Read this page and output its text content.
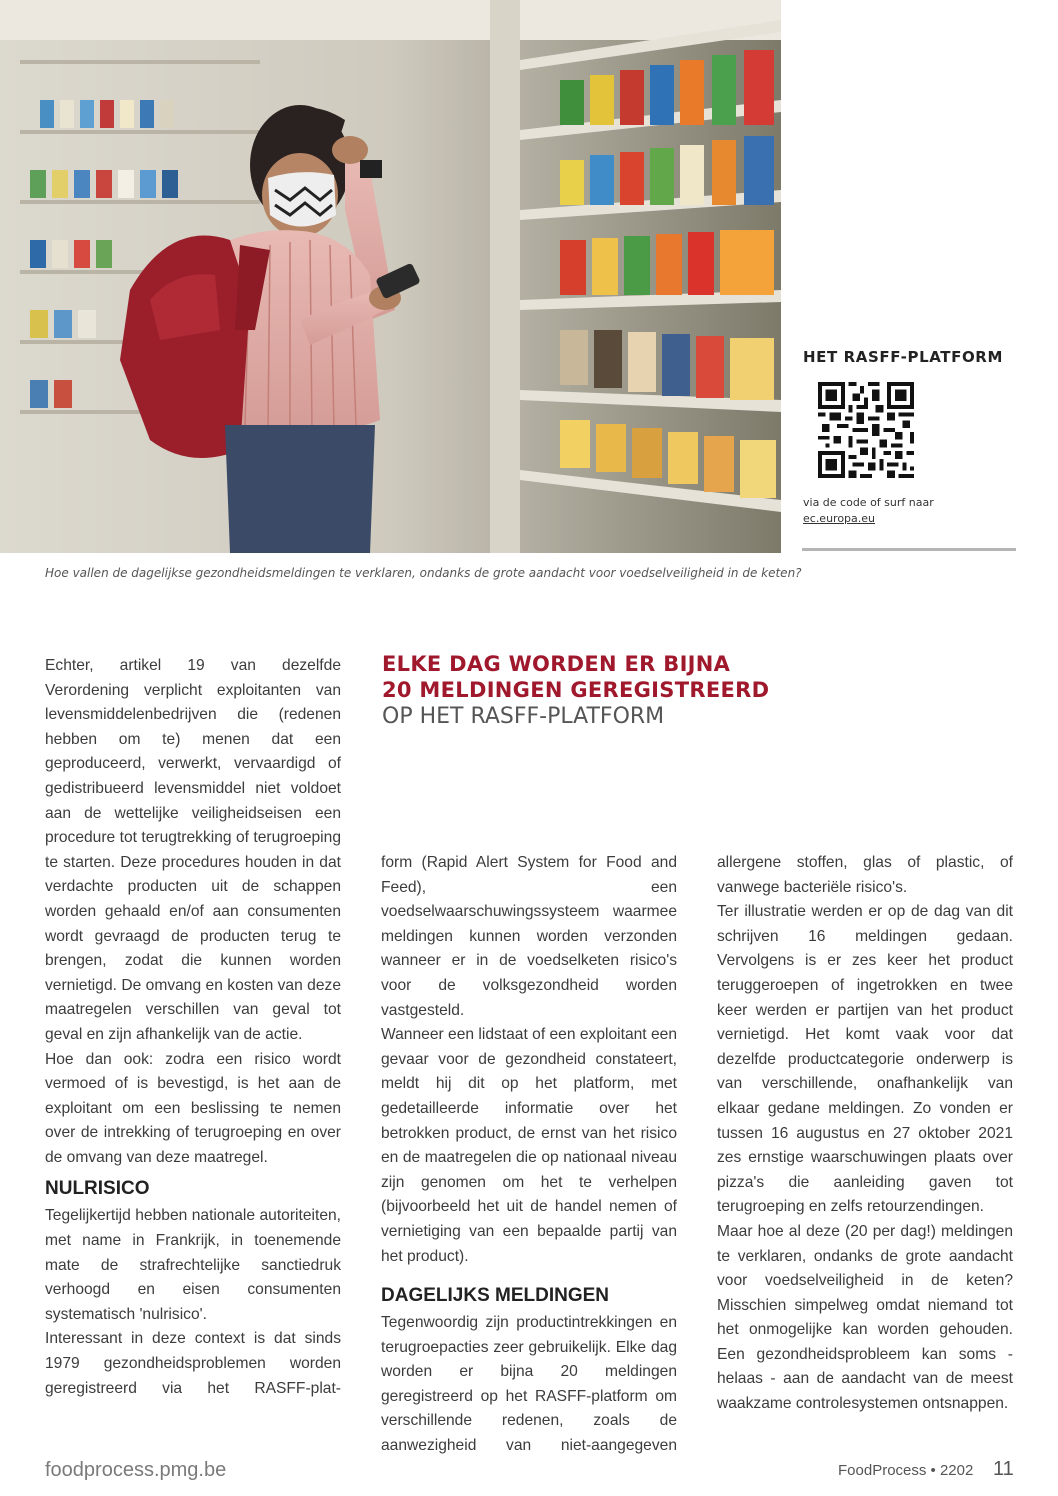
HET RASFF-PLATFORM
via de code of surf naar
ec.europa.eu
Hoe vallen de dagelijkse gezondheidsmeldingen te verklaren, ondanks de grote aandacht voor voedselveiligheid in de keten?
ELKE DAG WORDEN ER BIJNA
20 MELDINGEN GEREGISTREERD
OP HET RASFF-PLATFORM

Echter, artikel 19 van dezelfde Verordening verplicht exploitanten van levensmiddelenbedrijven die (redenen hebben om te) menen dat een geproduceerd, verwerkt, vervaardigd of gedistribueerd levensmiddel niet voldoet aan de wettelijke veiligheidseisen een procedure tot terugtrekking of terugroeping te starten. Deze procedures houden in dat verdachte producten uit de schappen worden gehaald en/of aan consumenten wordt gevraagd de producten terug te brengen, zodat die kunnen worden vernietigd. De omvang en kosten van deze maatregelen verschillen van geval tot geval en zijn afhankelijk van de actie.

Hoe dan ook: zodra een risico wordt vermoed of is bevestigd, is het aan de exploitant om een beslissing te nemen over de intrekking of terugroeping en over de omvang van deze maatregel.

NULRISICO

Tegelijkertijd hebben nationale autoriteiten, met name in Frankrijk, in toenemende mate de strafrechtelijke sanctiedruk verhoogd en eisen consumenten systematisch 'nulrisico'.

Interessant in deze context is dat sinds 1979 gezondheidsproblemen worden geregistreerd via het RASFF-plat-

form (Rapid Alert System for Food and Feed), een voedselwaarschuwingssysteem waarmee meldingen kunnen worden verzonden wanneer er in de voedselketen risico's voor de volksgezondheid worden vastgesteld.

Wanneer een lidstaat of een exploitant een gevaar voor de gezondheid constateert, meldt hij dit op het platform, met gedetailleerde informatie over het betrokken product, de ernst van het risico en de maatregelen die op nationaal niveau zijn genomen om het te verhelpen (bijvoorbeeld het uit de handel nemen of vernietiging van een bepaalde partij van het product).

DAGELIJKS MELDINGEN

Tegenwoordig zijn productintrekkingen en terugroepacties zeer gebruikelijk. Elke dag worden er bijna 20 meldingen geregistreerd op het RASFF-platform om verschillende redenen, zoals de aanwezigheid van niet-aangegeven

allergene stoffen, glas of plastic, of vanwege bacteriële risico's.

Ter illustratie werden er op de dag van dit schrijven 16 meldingen gedaan. Vervolgens is er zes keer het product teruggeroepen of ingetrokken en twee keer werden er partijen van het product vernietigd. Het komt vaak voor dat dezelfde productcategorie onderwerp is van verschillende, onafhankelijk van elkaar gedane meldingen. Zo vonden er tussen 16 augustus en 27 oktober 2021 zes ernstige waarschuwingen plaats over pizza's die aanleiding gaven tot terugroeping en zelfs retourzendingen.

Maar hoe al deze (20 per dag!) meldingen te verklaren, ondanks de grote aandacht voor voedselveiligheid in de keten? Misschien simpelweg omdat niemand tot het onmogelijke kan worden gehouden. Een gezondheidsprobleem kan soms - helaas - aan de aandacht van de meest waakzame controlesystemen ontsnappen.

foodprocess.pmg.be	FoodProcess • 2202 11
